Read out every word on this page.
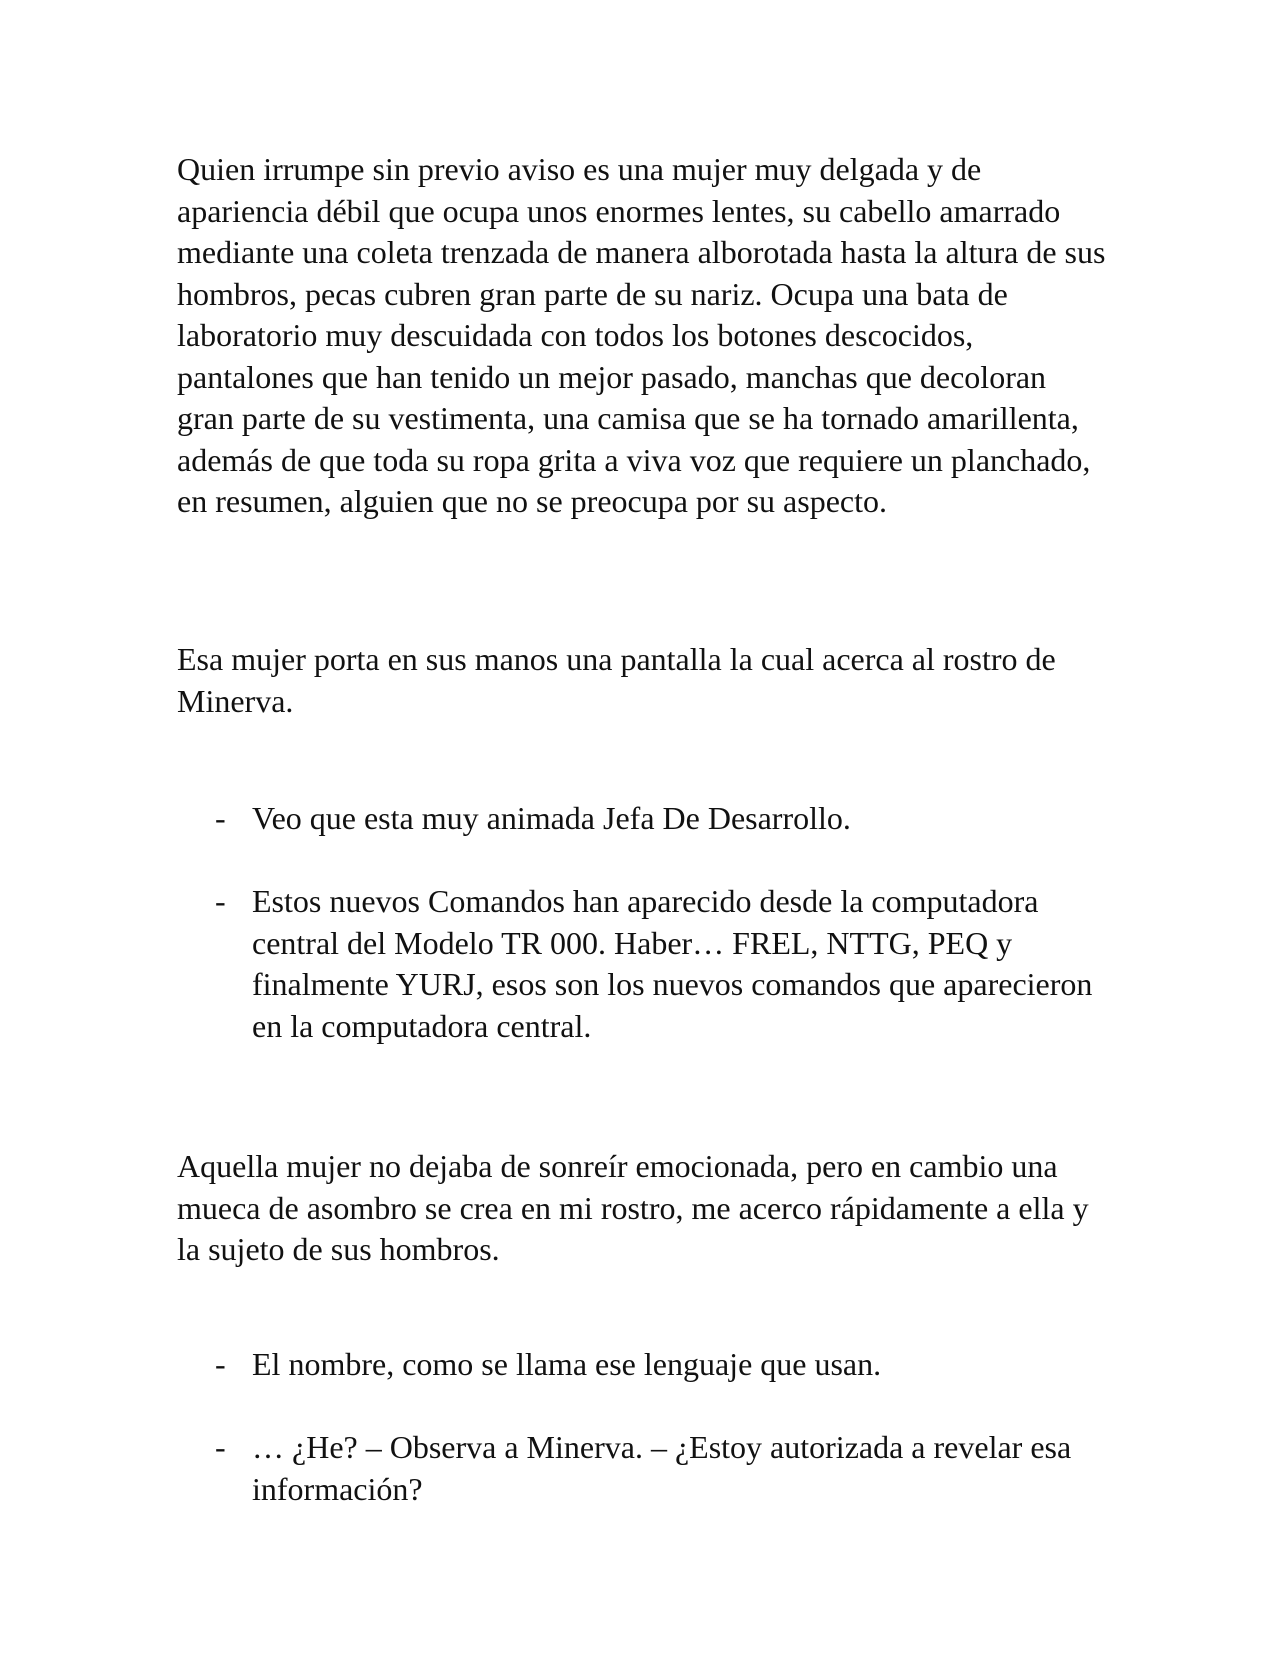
Quien irrumpe sin previo aviso es una mujer muy delgada y de apariencia débil que ocupa unos enormes lentes, su cabello amarrado mediante una coleta trenzada de manera alborotada hasta la altura de sus hombros, pecas cubren gran parte de su nariz. Ocupa una bata de laboratorio muy descuidada con todos los botones descocidos, pantalones que han tenido un mejor pasado, manchas que decoloran gran parte de su vestimenta, una camisa que se ha tornado amarillenta, además de que toda su ropa grita a viva voz que requiere un planchado, en resumen, alguien que no se preocupa por su aspecto.

Esa mujer porta en sus manos una pantalla la cual acerca al rostro de Minerva.

- Veo que esta muy animada Jefa De Desarrollo.
- Estos nuevos Comandos han aparecido desde la computadora central del Modelo TR 000. Haber… FREL, NTTG, PEQ y finalmente YURJ, esos son los nuevos comandos que aparecieron en la computadora central.

Aquella mujer no dejaba de sonreír emocionada, pero en cambio una mueca de asombro se crea en mi rostro, me acerco rápidamente a ella y la sujeto de sus hombros.

- El nombre, como se llama ese lenguaje que usan.
- … ¿He? – Observa a Minerva. – ¿Estoy autorizada a revelar esa información?
